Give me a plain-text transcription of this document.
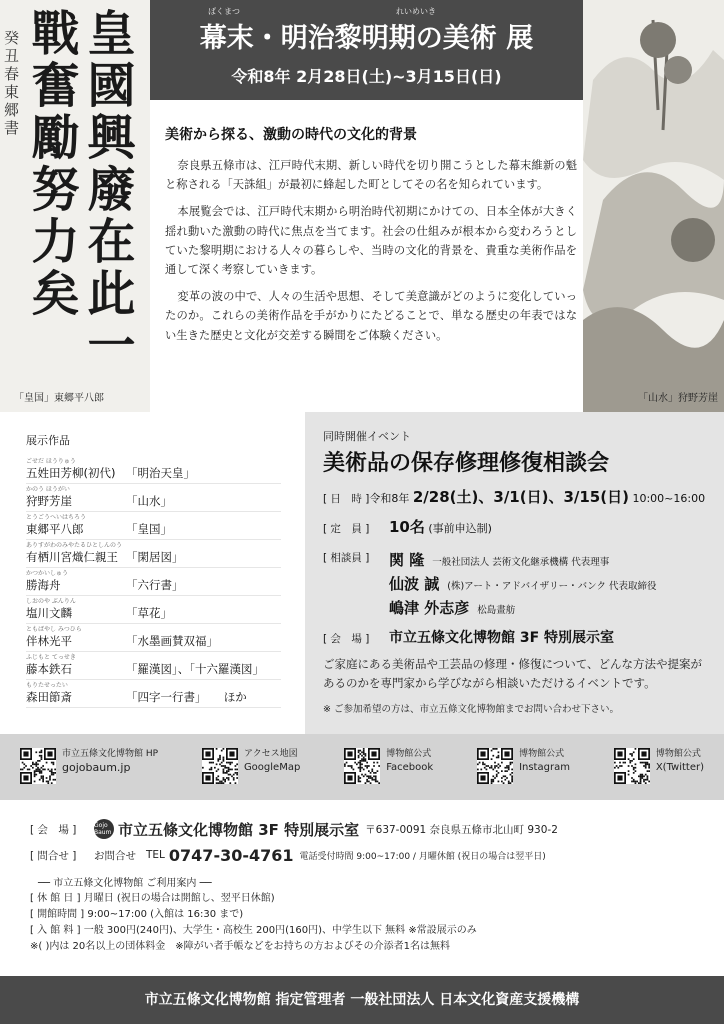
皇國興廢在此一
戰奮勵努力矣
癸丑春東郷書
「皇国」東郷平八郎
ばくまつ	れいめいき
幕末・明治黎明期の美術 展
令和8年 2月28日(土)~3月15日(日)
美術から探る、激動の時代の文化的背景

奈良県五條市は、江戸時代末期、新しい時代を切り開こうとした幕末維新の魁と称される「天誅組」が最初に蜂起した町としてその名を知られています。

本展覧会では、江戸時代末期から明治時代初期にかけての、日本全体が大きく揺れ動いた激動の時代に焦点を当てます。社会の仕組みが根本から変わろうとしていた黎明期における人々の暮らしや、当時の文化的背景を、貴重な美術作品を通して深く考察していきます。

変革の波の中で、人々の生活や思想、そして美意識がどのように変化していったのか。これらの美術作品を手がかりにたどることで、単なる歴史の年表ではない生きた歴史と文化が交差する瞬間をご体験ください。

「山水」狩野芳崖
展示作品
ごせだ ほうりゅう
五姓田芳柳(初代) 「明治天皇」
かのう ほうがい
狩野芳崖	「山水」
とうごうへいはちろう
東郷平八郎	「皇国」
ありすがわのみやたるひとしんのう
有栖川宮熾仁親王 「閑居図」
かつかいしゅう
勝海舟	「六行書」
しおのや ぶんりん
塩川文麟	「草花」
ともばやし みつひら
伴林光平	「水墨画賛双福」
ふじもと てっせき
藤本鉄石	「羅漢図」、「十六羅漢図」
もりたせったい
森田節斎	「四字一行書」　　ほか
同時開催イベント
美術品の保存修理修復相談会
[ 日　時 ] 令和8年 2/28(土)、3/1(日)、3/15(日) 10:00~16:00
[ 定　員 ]	10名 (事前申込制)
[ 相談員 ]	関 隆 一般社団法人 芸術文化継承機構 代表理事
仙波 誠 (株)アート・アドバイザリー・バンク 代表取締役
嶋津 外志彦 松島畫舫
[ 会　場 ]	市立五條文化博物館 3F 特別展示室
ご家庭にある美術品や工芸品の修理・修復について、どんな方法や提案があるのかを専門家から学びながら相談いただけるイベントです。
※ ご参加希望の方は、市立五條文化博物館までお問い合わせ下さい。
市立五條文化博物館 HP
gojobaum.jp
アクセス地図
GoogleMap
博物館公式
Facebook
博物館公式
Instagram
博物館公式
X(Twitter)
[ 会　場 ]	Gojo Baum 市立五條文化博物館 3F 特別展示室 〒637-0091 奈良県五條市北山町 930-2
[ 問合せ ]	お問合せ TEL 0747-30-4761 電話受付時間 9:00~17:00 / 月曜休館 (祝日の場合は翌平日)
── 市立五條文化博物館 ご利用案内 ──
[ 休 館 日 ] 月曜日 (祝日の場合は開館し、翌平日休館)
[ 開館時間 ] 9:00~17:00 (入館は 16:30 まで)
[ 入 館 料 ] 一般 300円(240円)、大学生・高校生 200円(160円)、中学生以下 無料 ※常設展示のみ
※( )内は 20名以上の団体料金　※障がい者手帳などをお持ちの方およびその介添者1名は無料
市立五條文化博物館 指定管理者 一般社団法人 日本文化資産支援機構
